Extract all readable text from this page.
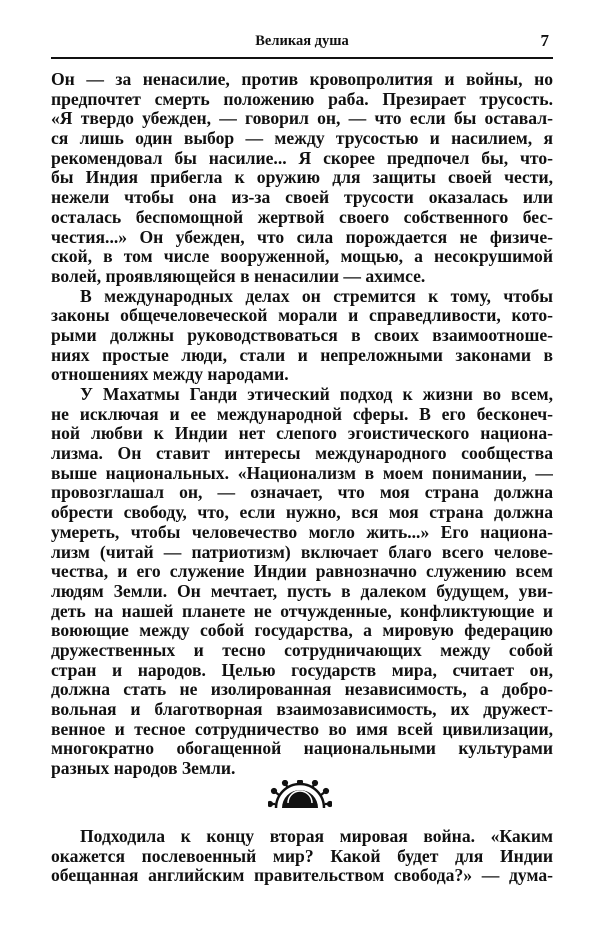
Великая душа	7
Он — за ненасилие, против кровопролития и войны, но
предпочтет смерть положению раба. Презирает трусость.
«Я твердо убежден, — говорил он, — что если бы оставал-
ся лишь один выбор — между трусостью и насилием, я
рекомендовал бы насилие... Я скорее предпочел бы, что-
бы Индия прибегла к оружию для защиты своей чести,
нежели чтобы она из-за своей трусости оказалась или
осталась беспомощной жертвой своего собственного бес-
честия...» Он убежден, что сила порождается не физиче-
ской, в том числе вооруженной, мощью, а несокрушимой
волей, проявляющейся в ненасилии — ахимсе.
В международных делах он стремится к тому, чтобы
законы общечеловеческой морали и справедливости, кото-
рыми должны руководствоваться в своих взаимоотноше-
ниях простые люди, стали и непреложными законами в
отношениях между народами.
У Махатмы Ганди этический подход к жизни во всем,
не исключая и ее международной сферы. В его бесконеч-
ной любви к Индии нет слепого эгоистического национа-
лизма. Он ставит интересы международного сообщества
выше национальных. «Национализм в моем понимании, —
провозглашал он, — означает, что моя страна должна
обрести свободу, что, если нужно, вся моя страна должна
умереть, чтобы человечество могло жить...» Его национа-
лизм (читай — патриотизм) включает благо всего челове-
чества, и его служение Индии равнозначно служению всем
людям Земли. Он мечтает, пусть в далеком будущем, уви-
деть на нашей планете не отчужденные, конфликтующие и
воюющие между собой государства, а мировую федерацию
дружественных и тесно сотрудничающих между собой
стран и народов. Целью государств мира, считает он,
должна стать не изолированная независимость, а добро-
вольная и благотворная взаимозависимость, их дружест-
венное и тесное сотрудничество во имя всей цивилизации,
многократно обогащенной национальными культурами
разных народов Земли.
Подходила к концу вторая мировая война. «Каким
окажется послевоенный мир? Какой будет для Индии
обещанная английским правительством свобода?» — дума-
